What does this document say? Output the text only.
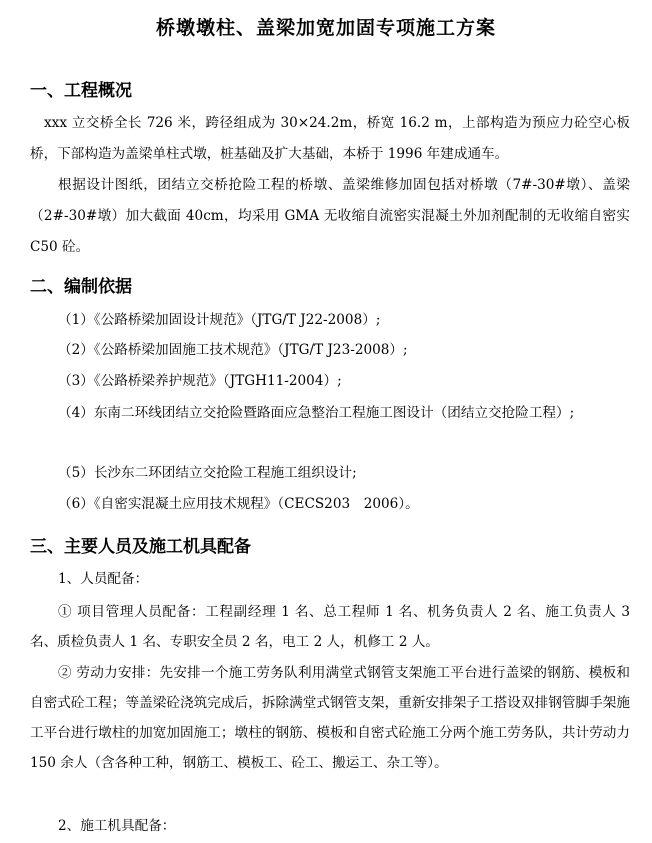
桥墩墩柱、盖梁加宽加固专项施工方案
一、工程概况
xxx 立交桥全长 726 米，跨径组成为 30×24.2m，桥宽 16.2 m，上部构造为预应力砼空心板桥，下部构造为盖梁单柱式墩，桩基础及扩大基础，本桥于 1996 年建成通车。
根据设计图纸，团结立交桥抢险工程的桥墩、盖梁维修加固包括对桥墩（7#-30#墩）、盖梁（2#-30#墩）加大截面 40cm，均采用 GMA 无收缩自流密实混凝土外加剂配制的无收缩自密实 C50 砼。
二、编制依据
（1）《公路桥梁加固设计规范》（JTG/T J22-2008）;
（2）《公路桥梁加固施工技术规范》（JTG/T J23-2008）;
（3）《公路桥梁养护规范》（JTGH11-2004）;
（4）东南二环线团结立交抢险暨路面应急整治工程施工图设计（团结立交抢险工程）;
（5）长沙东二环团结立交抢险工程施工组织设计;
（6）《自密实混凝土应用技术规程》（CECS203　2006）。
三、主要人员及施工机具配备
1、人员配备：
① 项目管理人员配备：工程副经理 1 名、总工程师 1 名、机务负责人 2 名、施工负责人 3 名、质检负责人 1 名、专职安全员 2 名，电工 2 人，机修工 2 人。
② 劳动力安排：先安排一个施工劳务队利用满堂式钢管支架施工平台进行盖梁的钢筋、模板和自密式砼工程；等盖梁砼浇筑完成后，拆除满堂式钢管支架，重新安排架子工搭设双排钢管脚手架施工平台进行墩柱的加宽加固施工；墩柱的钢筋、模板和自密式砼施工分两个施工劳务队，共计劳动力 150 余人（含各种工种，钢筋工、模板工、砼工、搬运工、杂工等）。
2、施工机具配备：
